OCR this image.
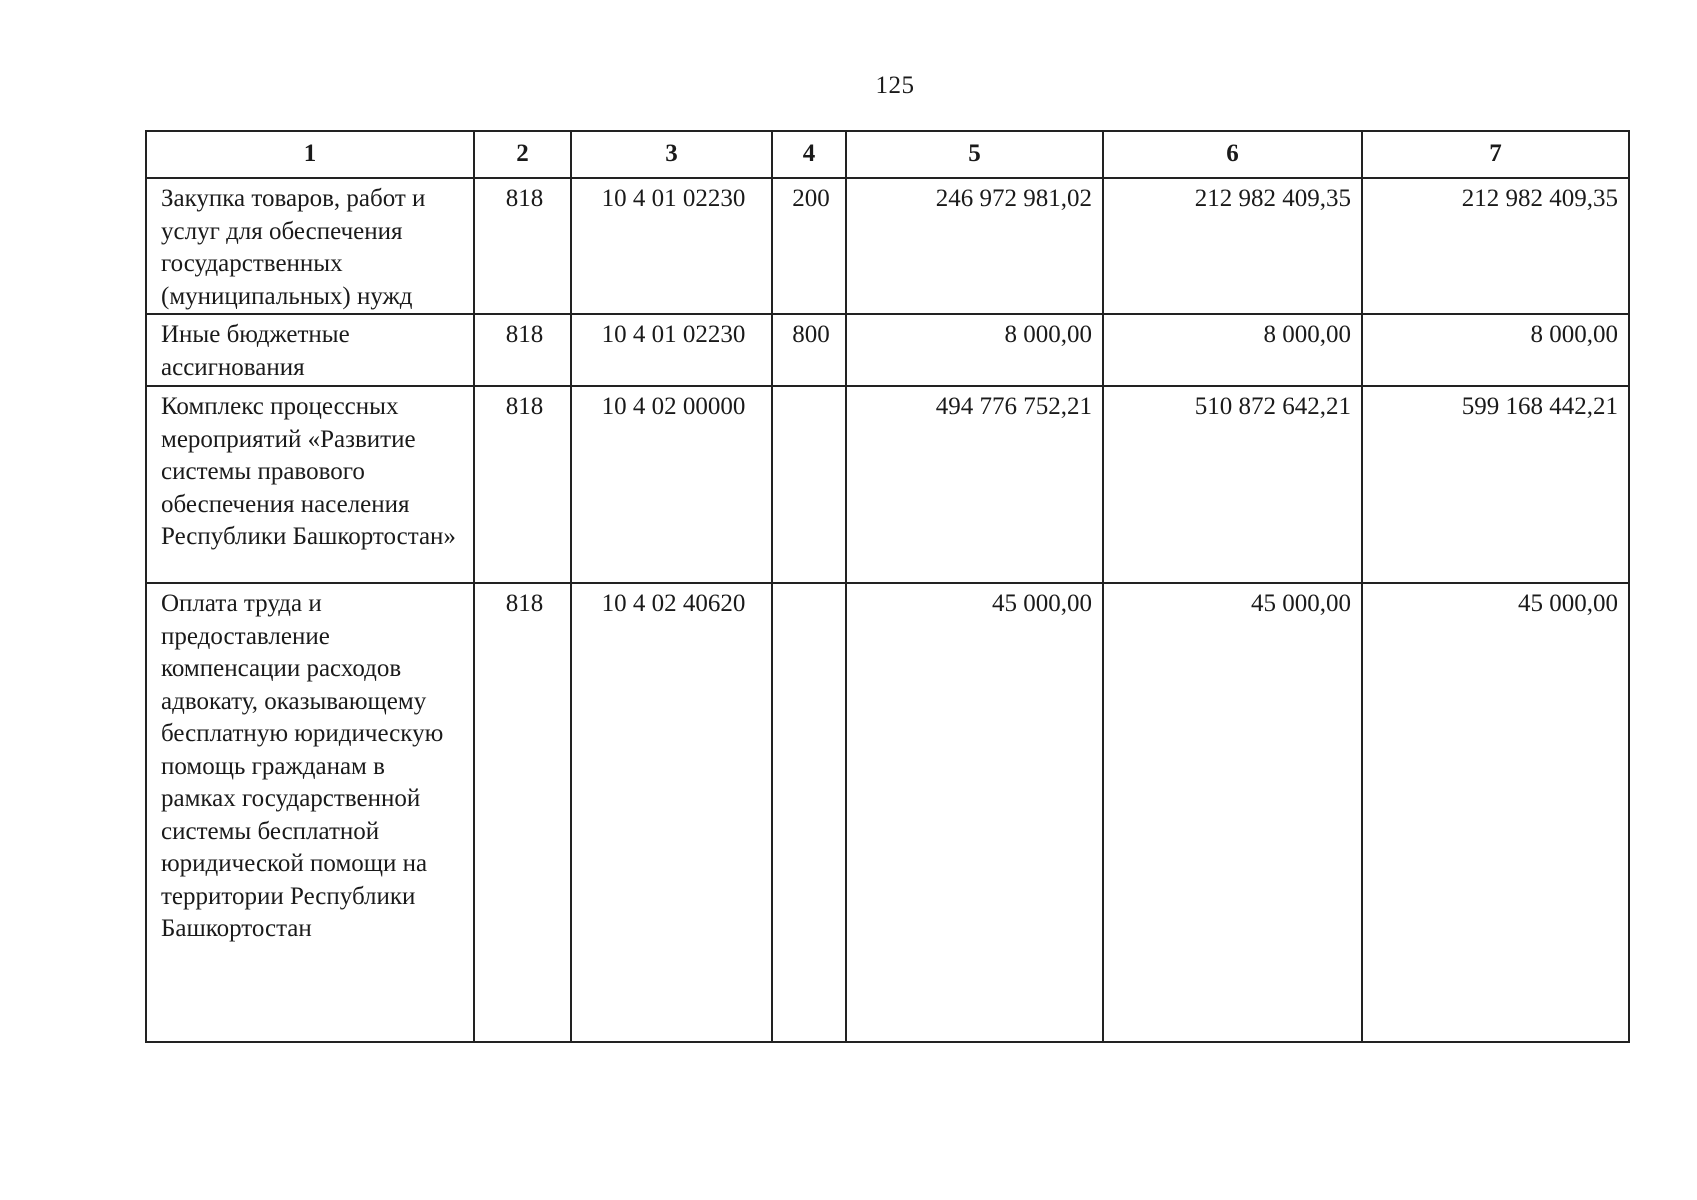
125
1	2	3	4	5	6	7
Закупка товаров, работ и услуг для обеспечения государственных (муниципальных) нужд	818	10 4 01 02230	200	246 972 981,02	212 982 409,35	212 982 409,35
Иные бюджетные ассигнования	818	10 4 01 02230	800	8 000,00	8 000,00	8 000,00
Комплекс процессных мероприятий «Развитие системы правового обеспечения населения Республики Башкортостан»	818	10 4 02 00000		494 776 752,21	510 872 642,21	599 168 442,21
Оплата труда и предоставление компенсации расходов адвокату, оказывающему бесплатную юридическую помощь гражданам в рамках государственной системы бесплатной юридической помощи на территории Республики Башкортостан	818	10 4 02 40620		45 000,00	45 000,00	45 000,00
